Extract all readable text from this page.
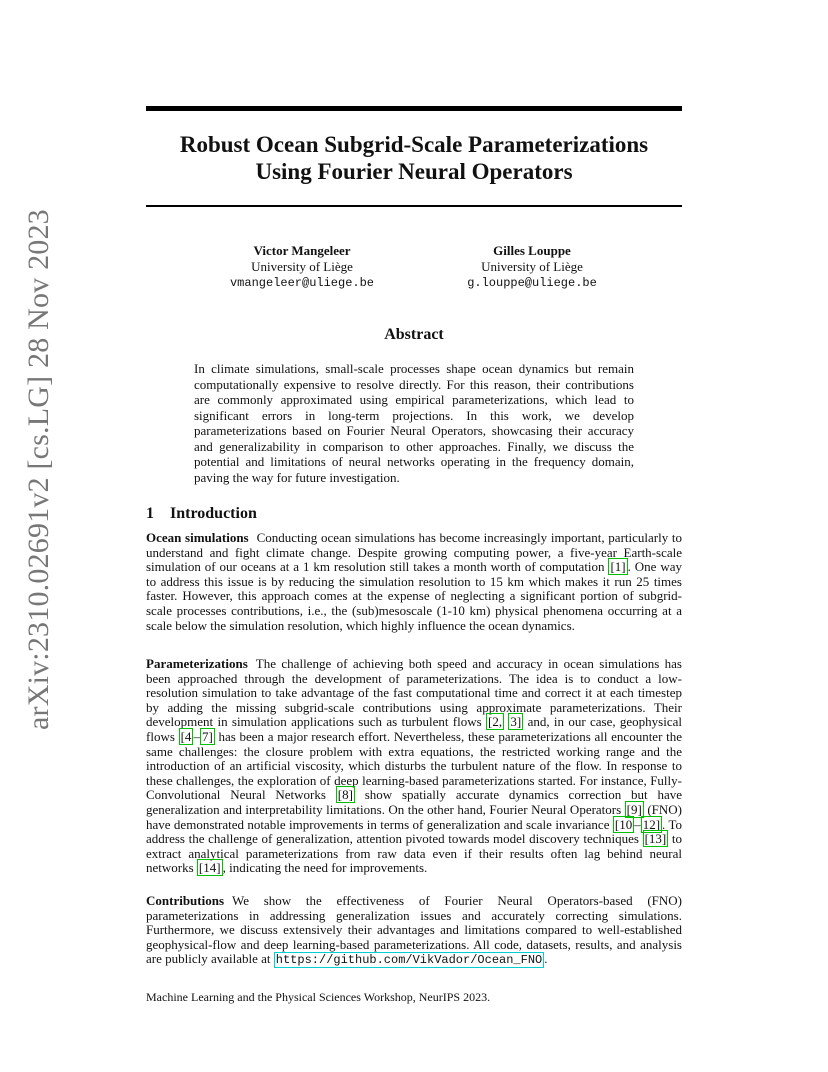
arXiv:2310.02691v2 [cs.LG] 28 Nov 2023
Robust Ocean Subgrid-Scale Parameterizations
Using Fourier Neural Operators
Victor Mangeleer
University of Liège
vmangeleer@uliege.be
Gilles Louppe
University of Liège
g.louppe@uliege.be
Abstract
In climate simulations, small-scale processes shape ocean dynamics but remain computationally expensive to resolve directly. For this reason, their contributions are commonly approximated using empirical parameterizations, which lead to significant errors in long-term projections. In this work, we develop parameterizations based on Fourier Neural Operators, showcasing their accuracy and generalizability in comparison to other approaches. Finally, we discuss the potential and limitations of neural networks operating in the frequency domain, paving the way for future investigation.
1 Introduction
Ocean simulations Conducting ocean simulations has become increasingly important, particularly to understand and fight climate change. Despite growing computing power, a five-year Earth-scale simulation of our oceans at a 1 km resolution still takes a month worth of computation [1] . One way to address this issue is by reducing the simulation resolution to 15 km which makes it run 25 times faster. However, this approach comes at the expense of neglecting a significant portion of subgrid-scale processes contributions, i.e., the (sub)mesoscale (1-10 km) physical phenomena occurring at a scale below the simulation resolution, which highly influence the ocean dynamics.
Parameterizations The challenge of achieving both speed and accuracy in ocean simulations has been approached through the development of parameterizations. The idea is to conduct a low-resolution simulation to take advantage of the fast computational time and correct it at each timestep by adding the missing subgrid-scale contributions using approximate parameterizations. Their development in simulation applications such as turbulent flows [2, 3] and, in our case, geophysical flows [4 – 7] has been a major research effort. Nevertheless, these parameterizations all encounter the same challenges: the closure problem with extra equations, the restricted working range and the introduction of an artificial viscosity, which disturbs the turbulent nature of the flow. In response to these challenges, the exploration of deep learning-based parameterizations started. For instance, Fully-Convolutional Neural Networks [8] show spatially accurate dynamics correction but have generalization and interpretability limitations. On the other hand, Fourier Neural Operators [9] (FNO) have demonstrated notable improvements in terms of generalization and scale invariance [10 – 12] . To address the challenge of generalization, attention pivoted towards model discovery techniques [13] to extract analytical parameterizations from raw data even if their results often lag behind neural networks [14] , indicating the need for improvements.
Contributions We show the effectiveness of Fourier Neural Operators-based (FNO) parameterizations in addressing generalization issues and accurately correcting simulations. Furthermore, we discuss extensively their advantages and limitations compared to well-established geophysical-flow and deep learning-based parameterizations. All code, datasets, results, and analysis are publicly available at https://github.com/VikVador/Ocean_FNO .
Machine Learning and the Physical Sciences Workshop, NeurIPS 2023.
